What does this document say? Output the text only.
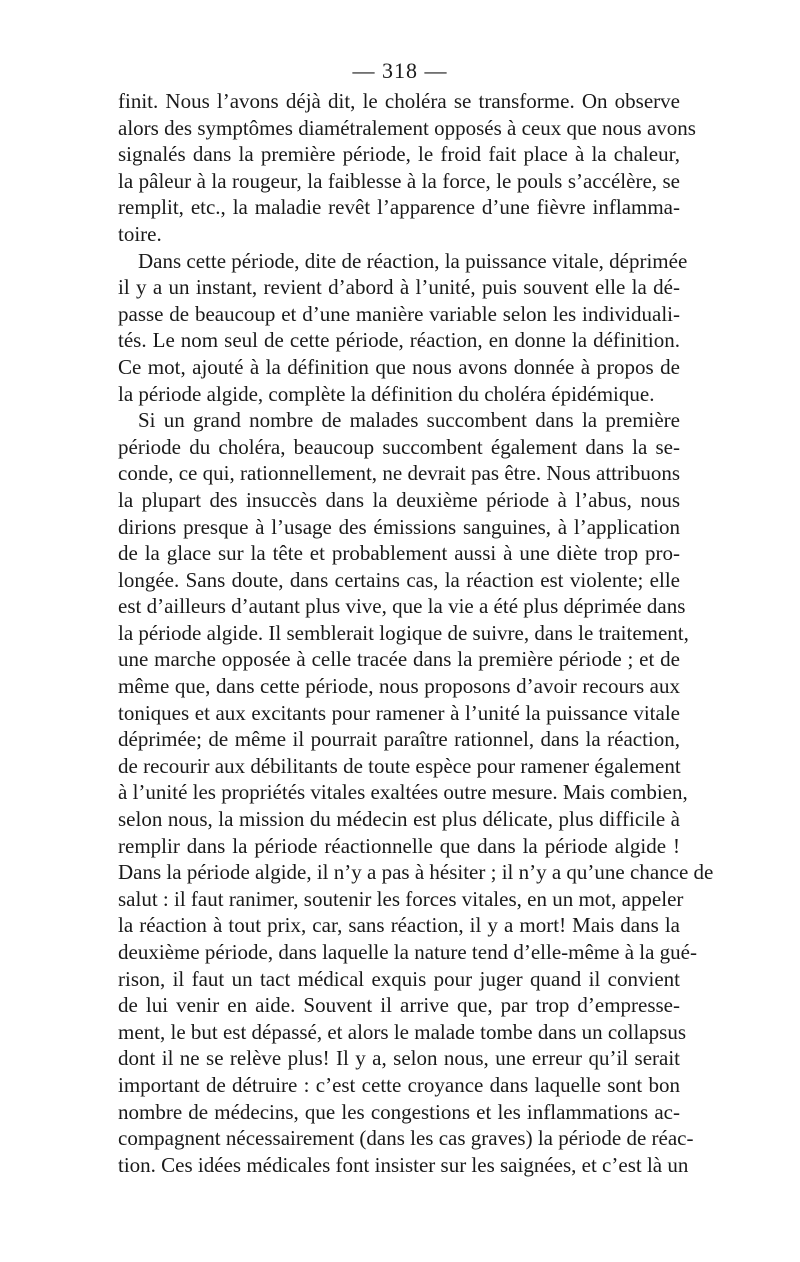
— 318 —
finit. Nous l’avons déjà dit, le choléra se transforme. On observe
alors des symptômes diamétralement opposés à ceux que nous avons
signalés dans la première période, le froid fait place à la chaleur,
la pâleur à la rougeur, la faiblesse à la force, le pouls s’accélère, se
remplit, etc., la maladie revêt l’apparence d’une fièvre inflamma-
toire.
Dans cette période, dite de réaction, la puissance vitale, déprimée
il y a un instant, revient d’abord à l’unité, puis souvent elle la dé-
passe de beaucoup et d’une manière variable selon les individuali-
tés. Le nom seul de cette période, réaction, en donne la définition.
Ce mot, ajouté à la définition que nous avons donnée à propos de
la période algide, complète la définition du choléra épidémique.
Si un grand nombre de malades succombent dans la première
période du choléra, beaucoup succombent également dans la se-
conde, ce qui, rationnellement, ne devrait pas être. Nous attribuons
la plupart des insuccès dans la deuxième période à l’abus, nous
dirions presque à l’usage des émissions sanguines, à l’application
de la glace sur la tête et probablement aussi à une diète trop pro-
longée. Sans doute, dans certains cas, la réaction est violente; elle
est d’ailleurs d’autant plus vive, que la vie a été plus déprimée dans
la période algide. Il semblerait logique de suivre, dans le traitement,
une marche opposée à celle tracée dans la première période ; et de
même que, dans cette période, nous proposons d’avoir recours aux
toniques et aux excitants pour ramener à l’unité la puissance vitale
déprimée; de même il pourrait paraître rationnel, dans la réaction,
de recourir aux débilitants de toute espèce pour ramener également
à l’unité les propriétés vitales exaltées outre mesure. Mais combien,
selon nous, la mission du médecin est plus délicate, plus difficile à
remplir dans la période réactionnelle que dans la période algide !
Dans la période algide, il n’y a pas à hésiter ; il n’y a qu’une chance de
salut : il faut ranimer, soutenir les forces vitales, en un mot, appeler
la réaction à tout prix, car, sans réaction, il y a mort! Mais dans la
deuxième période, dans laquelle la nature tend d’elle-même à la gué-
rison, il faut un tact médical exquis pour juger quand il convient
de lui venir en aide. Souvent il arrive que, par trop d’empresse-
ment, le but est dépassé, et alors le malade tombe dans un collapsus
dont il ne se relève plus! Il y a, selon nous, une erreur qu’il serait
important de détruire : c’est cette croyance dans laquelle sont bon
nombre de médecins, que les congestions et les inflammations ac-
compagnent nécessairement (dans les cas graves) la période de réac-
tion. Ces idées médicales font insister sur les saignées, et c’est là un
